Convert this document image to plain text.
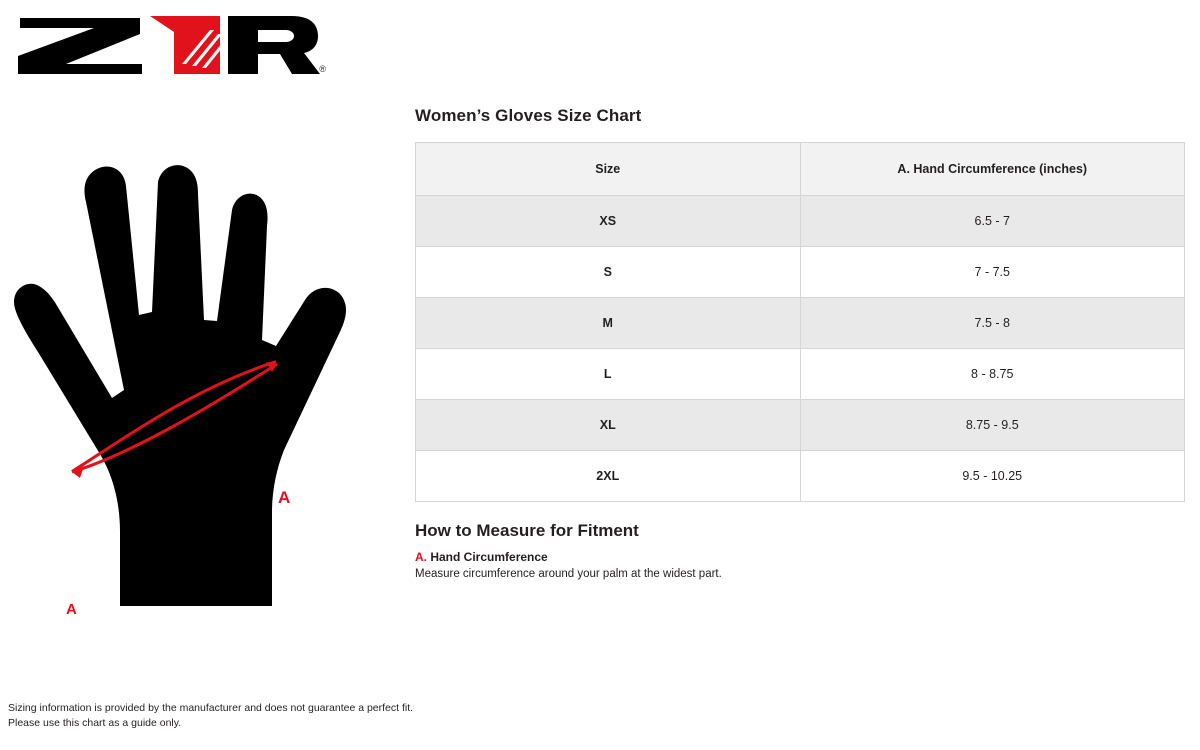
®
A
A
Women’s Gloves Size Chart
Size	A. Hand Circumference (inches)
XS	6.5 - 7
S	7 - 7.5
M	7.5 - 8
L	8 - 8.75
XL	8.75 - 9.5
2XL	9.5 - 10.25
How to Measure for Fitment
A. Hand Circumference
Measure circumference around your palm at the widest part.
Sizing information is provided by the manufacturer and does not guarantee a perfect fit.
Please use this chart as a guide only.
